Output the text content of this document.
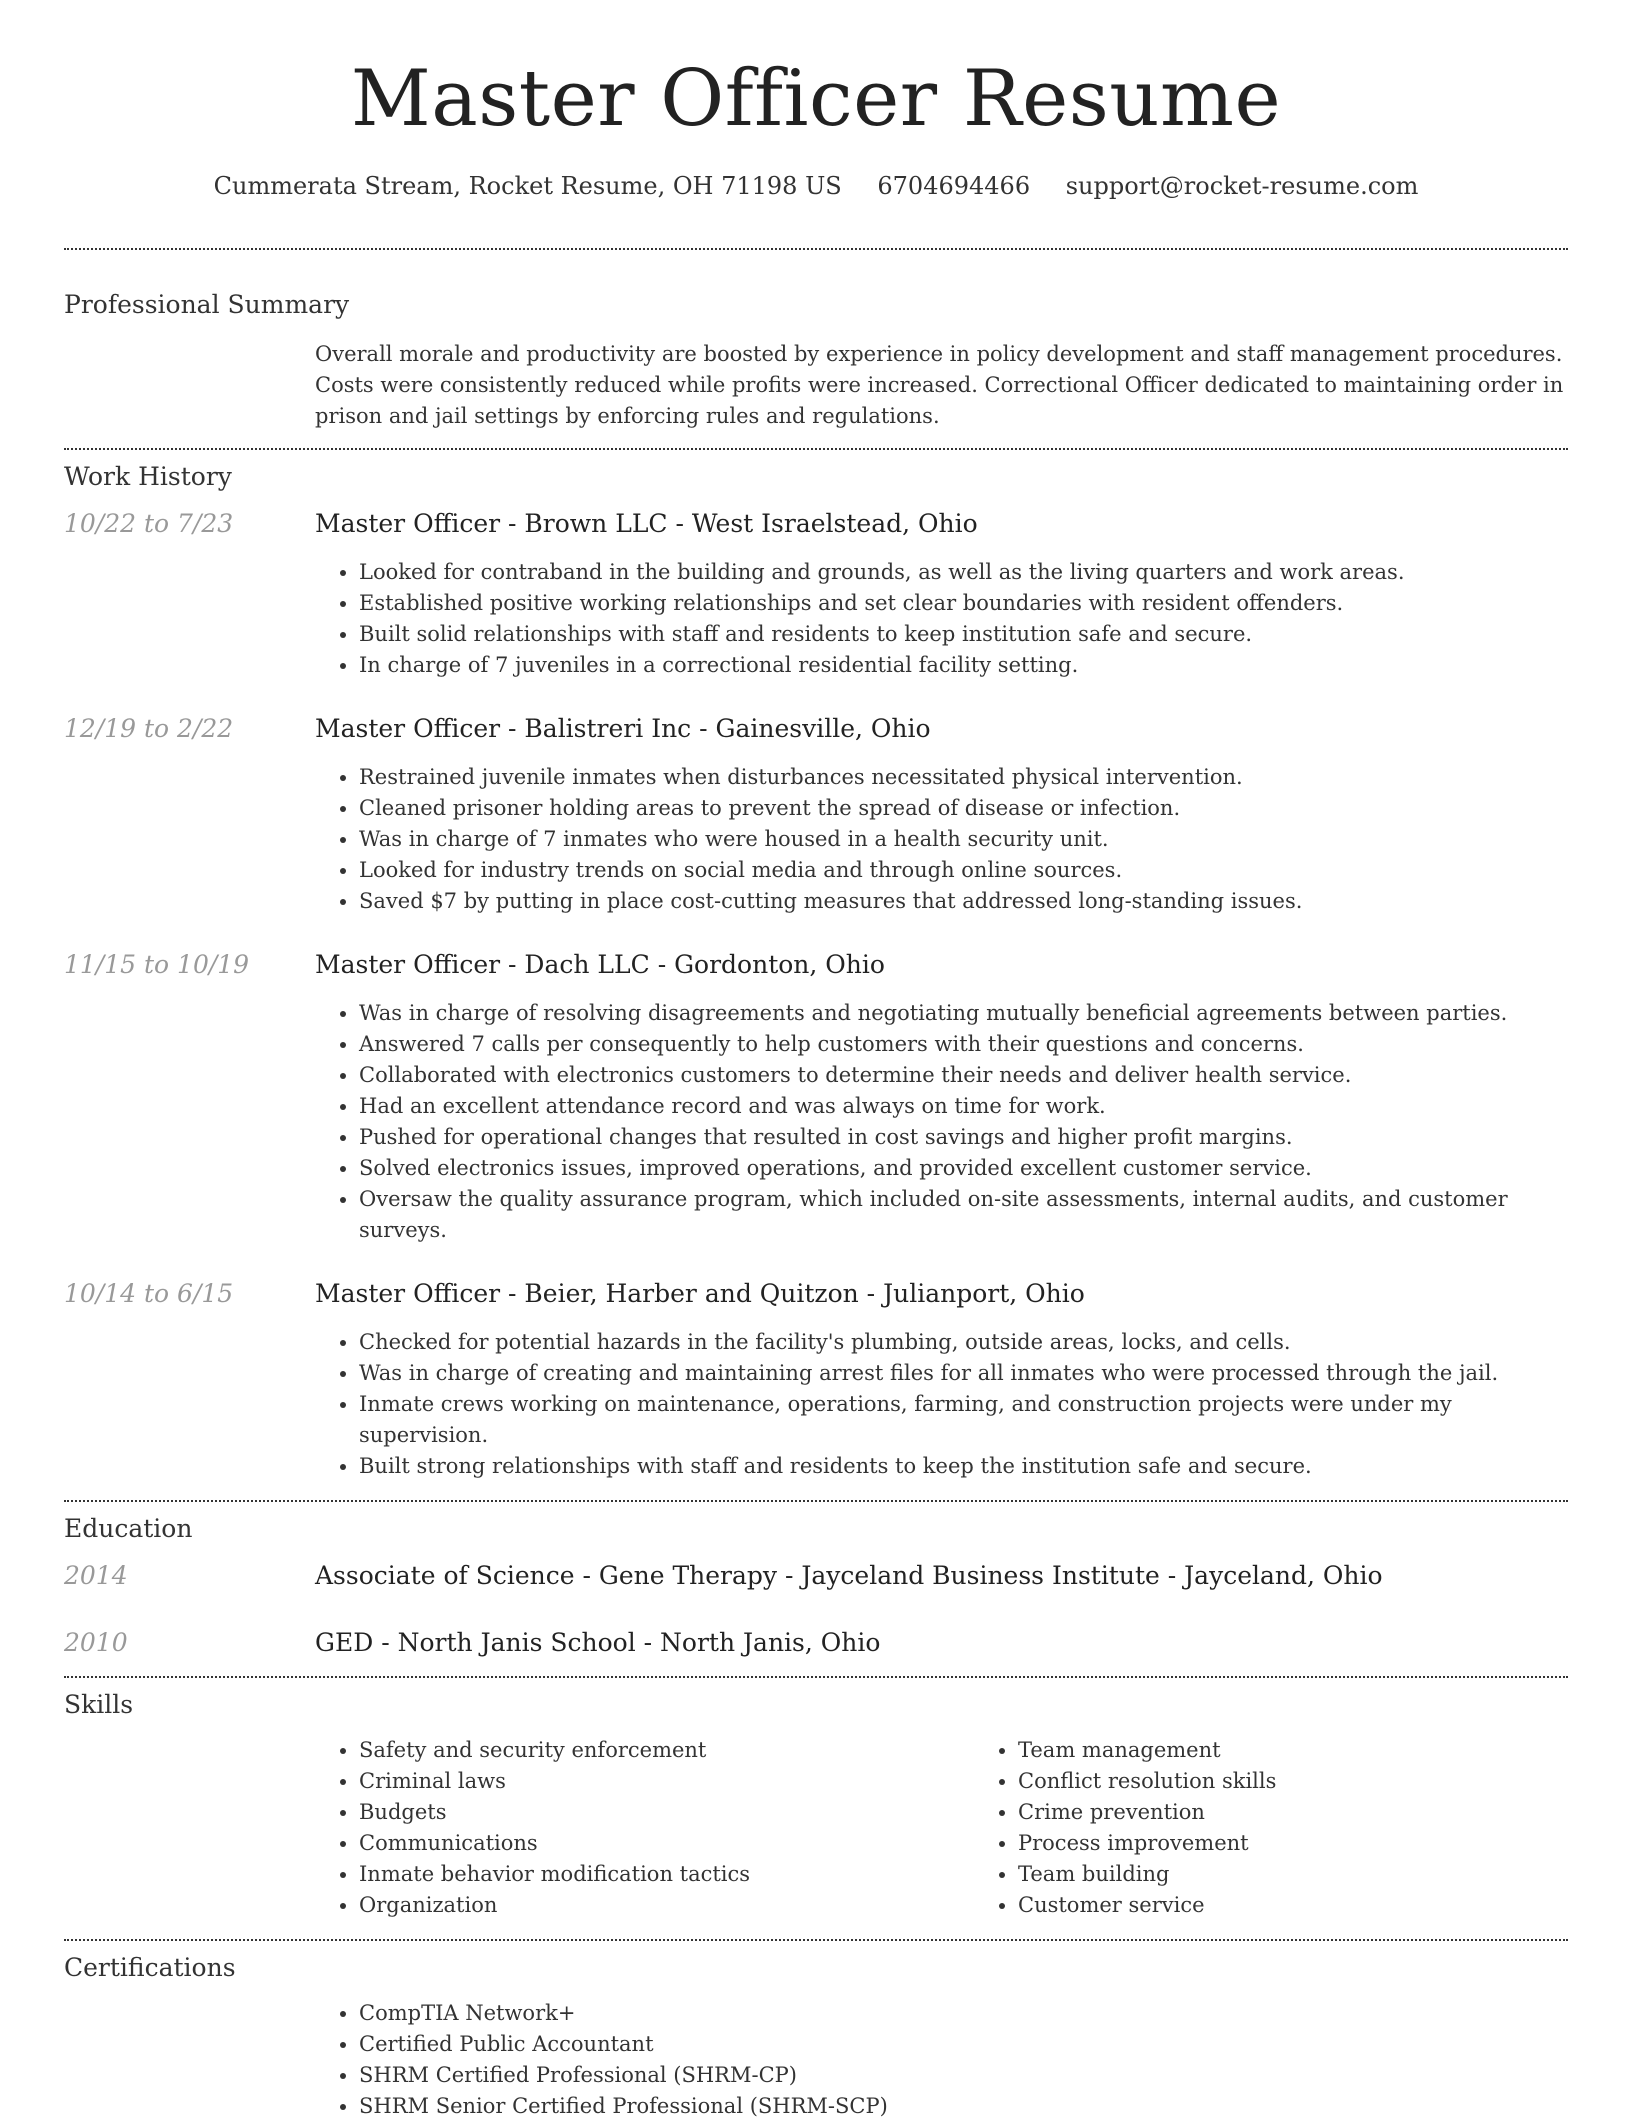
Master Officer Resume
Cummerata Stream, Rocket Resume, OH 71198 US 6704694466 support@rocket-resume.com
Professional Summary
Overall morale and productivity are boosted by experience in policy development and staff management procedures. Costs were consistently reduced while profits were increased. Correctional Officer dedicated to maintaining order in prison and jail settings by enforcing rules and regulations.
Work History
10/22 to 7/23	Master Officer - Brown LLC - West Israelstead, Ohio
• Looked for contraband in the building and grounds, as well as the living quarters and work areas.
• Established positive working relationships and set clear boundaries with resident offenders.
• Built solid relationships with staff and residents to keep institution safe and secure.
• In charge of 7 juveniles in a correctional residential facility setting.
12/19 to 2/22	Master Officer - Balistreri Inc - Gainesville, Ohio
• Restrained juvenile inmates when disturbances necessitated physical intervention.
• Cleaned prisoner holding areas to prevent the spread of disease or infection.
• Was in charge of 7 inmates who were housed in a health security unit.
• Looked for industry trends on social media and through online sources.
• Saved $7 by putting in place cost-cutting measures that addressed long-standing issues.
11/15 to 10/19	Master Officer - Dach LLC - Gordonton, Ohio
• Was in charge of resolving disagreements and negotiating mutually beneficial agreements between parties.
• Answered 7 calls per consequently to help customers with their questions and concerns.
• Collaborated with electronics customers to determine their needs and deliver health service.
• Had an excellent attendance record and was always on time for work.
• Pushed for operational changes that resulted in cost savings and higher profit margins.
• Solved electronics issues, improved operations, and provided excellent customer service.
• Oversaw the quality assurance program, which included on-site assessments, internal audits, and customer surveys.
10/14 to 6/15	Master Officer - Beier, Harber and Quitzon - Julianport, Ohio
• Checked for potential hazards in the facility's plumbing, outside areas, locks, and cells.
• Was in charge of creating and maintaining arrest files for all inmates who were processed through the jail.
• Inmate crews working on maintenance, operations, farming, and construction projects were under my supervision.
• Built strong relationships with staff and residents to keep the institution safe and secure.
Education
2014	Associate of Science - Gene Therapy - Jayceland Business Institute - Jayceland, Ohio
2010	GED - North Janis School - North Janis, Ohio
Skills
• Safety and security enforcement
• Criminal laws
• Budgets
• Communications
• Inmate behavior modification tactics
• Organization
• Team management
• Conflict resolution skills
• Crime prevention
• Process improvement
• Team building
• Customer service
Certifications
• CompTIA Network+
• Certified Public Accountant
• SHRM Certified Professional (SHRM-CP)
• SHRM Senior Certified Professional (SHRM-SCP)
